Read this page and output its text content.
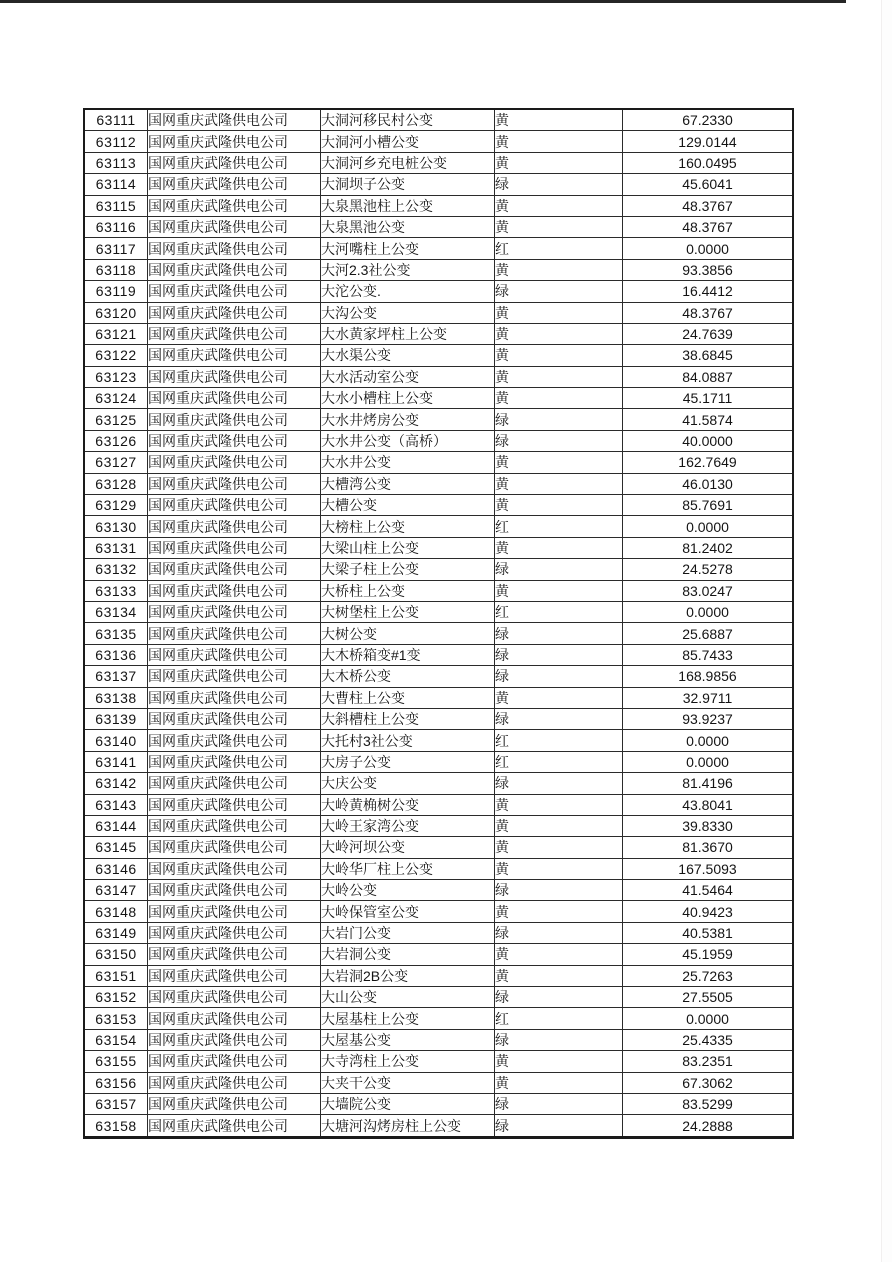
63111	国网重庆武隆供电公司	大洞河移民村公变	黄	67.2330
63112	国网重庆武隆供电公司	大洞河小槽公变	黄	129.0144
63113	国网重庆武隆供电公司	大洞河乡充电桩公变	黄	160.0495
63114	国网重庆武隆供电公司	大洞坝子公变	绿	45.6041
63115	国网重庆武隆供电公司	大泉黑池柱上公变	黄	48.3767
63116	国网重庆武隆供电公司	大泉黑池公变	黄	48.3767
63117	国网重庆武隆供电公司	大河嘴柱上公变	红	0.0000
63118	国网重庆武隆供电公司	大河2.3社公变	黄	93.3856
63119	国网重庆武隆供电公司	大沱公变.	绿	16.4412
63120	国网重庆武隆供电公司	大沟公变	黄	48.3767
63121	国网重庆武隆供电公司	大水黄家坪柱上公变	黄	24.7639
63122	国网重庆武隆供电公司	大水渠公变	黄	38.6845
63123	国网重庆武隆供电公司	大水活动室公变	黄	84.0887
63124	国网重庆武隆供电公司	大水小槽柱上公变	黄	45.1711
63125	国网重庆武隆供电公司	大水井烤房公变	绿	41.5874
63126	国网重庆武隆供电公司	大水井公变（高桥）	绿	40.0000
63127	国网重庆武隆供电公司	大水井公变	黄	162.7649
63128	国网重庆武隆供电公司	大槽湾公变	黄	46.0130
63129	国网重庆武隆供电公司	大槽公变	黄	85.7691
63130	国网重庆武隆供电公司	大榜柱上公变	红	0.0000
63131	国网重庆武隆供电公司	大梁山柱上公变	黄	81.2402
63132	国网重庆武隆供电公司	大梁子柱上公变	绿	24.5278
63133	国网重庆武隆供电公司	大桥柱上公变	黄	83.0247
63134	国网重庆武隆供电公司	大树堡柱上公变	红	0.0000
63135	国网重庆武隆供电公司	大树公变	绿	25.6887
63136	国网重庆武隆供电公司	大木桥箱变#1变	绿	85.7433
63137	国网重庆武隆供电公司	大木桥公变	绿	168.9856
63138	国网重庆武隆供电公司	大曹柱上公变	黄	32.9711
63139	国网重庆武隆供电公司	大斜槽柱上公变	绿	93.9237
63140	国网重庆武隆供电公司	大托村3社公变	红	0.0000
63141	国网重庆武隆供电公司	大房子公变	红	0.0000
63142	国网重庆武隆供电公司	大庆公变	绿	81.4196
63143	国网重庆武隆供电公司	大岭黄桷树公变	黄	43.8041
63144	国网重庆武隆供电公司	大岭王家湾公变	黄	39.8330
63145	国网重庆武隆供电公司	大岭河坝公变	黄	81.3670
63146	国网重庆武隆供电公司	大岭华厂柱上公变	黄	167.5093
63147	国网重庆武隆供电公司	大岭公变	绿	41.5464
63148	国网重庆武隆供电公司	大岭保管室公变	黄	40.9423
63149	国网重庆武隆供电公司	大岩门公变	绿	40.5381
63150	国网重庆武隆供电公司	大岩洞公变	黄	45.1959
63151	国网重庆武隆供电公司	大岩洞2B公变	黄	25.7263
63152	国网重庆武隆供电公司	大山公变	绿	27.5505
63153	国网重庆武隆供电公司	大屋基柱上公变	红	0.0000
63154	国网重庆武隆供电公司	大屋基公变	绿	25.4335
63155	国网重庆武隆供电公司	大寺湾柱上公变	黄	83.2351
63156	国网重庆武隆供电公司	大夹干公变	黄	67.3062
63157	国网重庆武隆供电公司	大墙院公变	绿	83.5299
63158	国网重庆武隆供电公司	大塘河沟烤房柱上公变	绿	24.2888
